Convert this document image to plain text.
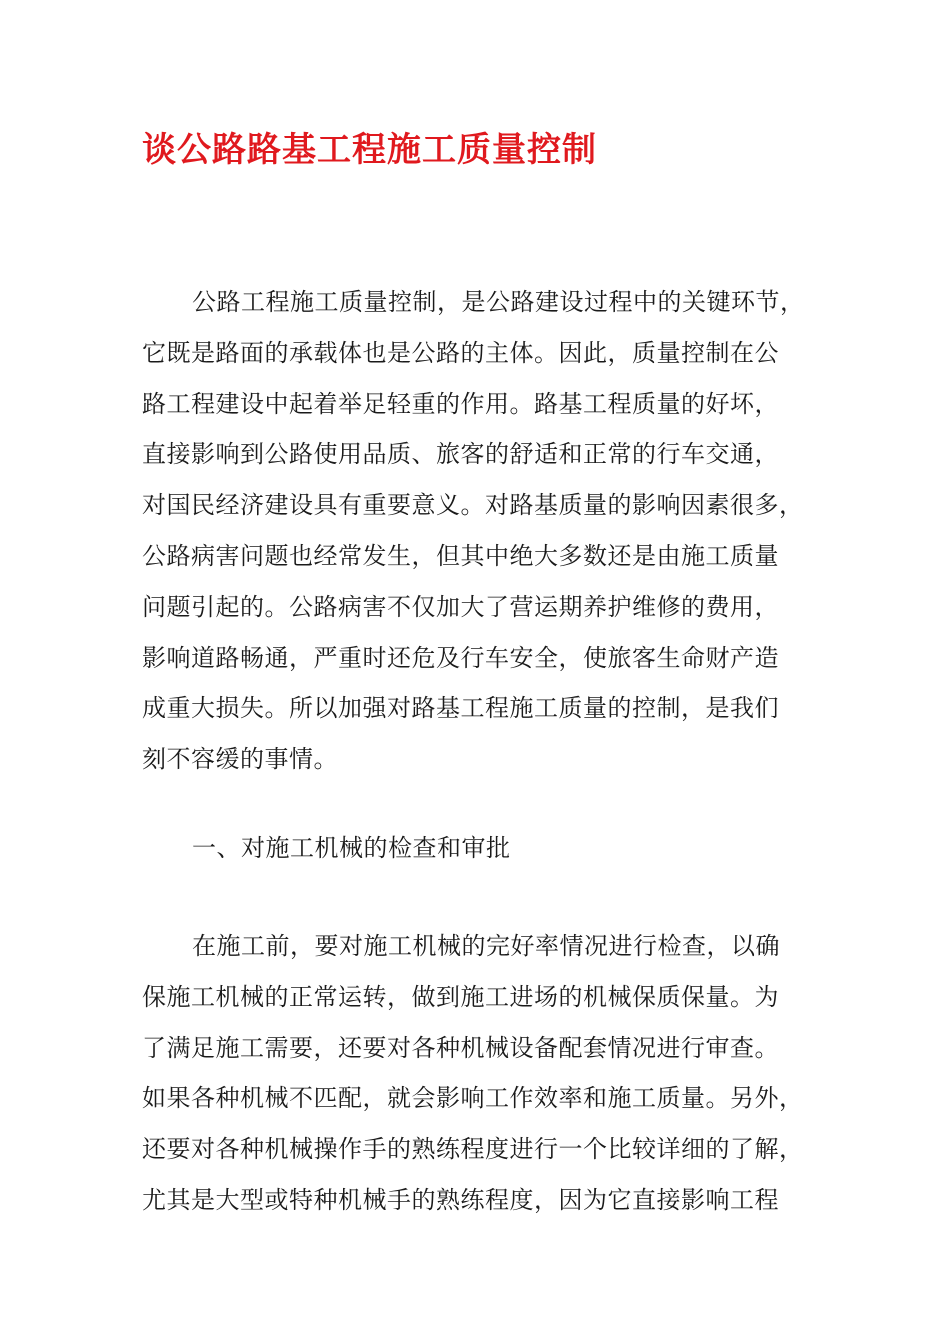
谈公路路基工程施工质量控制

公路工程施工质量控制，是公路建设过程中的关键环节，
它既是路面的承载体也是公路的主体。因此，质量控制在公
路工程建设中起着举足轻重的作用。路基工程质量的好坏，
直接影响到公路使用品质、旅客的舒适和正常的行车交通，
对国民经济建设具有重要意义。对路基质量的影响因素很多，
公路病害问题也经常发生，但其中绝大多数还是由施工质量
问题引起的。公路病害不仅加大了营运期养护维修的费用，
影响道路畅通，严重时还危及行车安全，使旅客生命财产造
成重大损失。所以加强对路基工程施工质量的控制，是我们
刻不容缓的事情。

一、对施工机械的检查和审批

在施工前，要对施工机械的完好率情况进行检查，以确
保施工机械的正常运转，做到施工进场的机械保质保量。为
了满足施工需要，还要对各种机械设备配套情况进行审查。
如果各种机械不匹配，就会影响工作效率和施工质量。另外，
还要对各种机械操作手的熟练程度进行一个比较详细的了解，
尤其是大型或特种机械手的熟练程度，因为它直接影响工程
